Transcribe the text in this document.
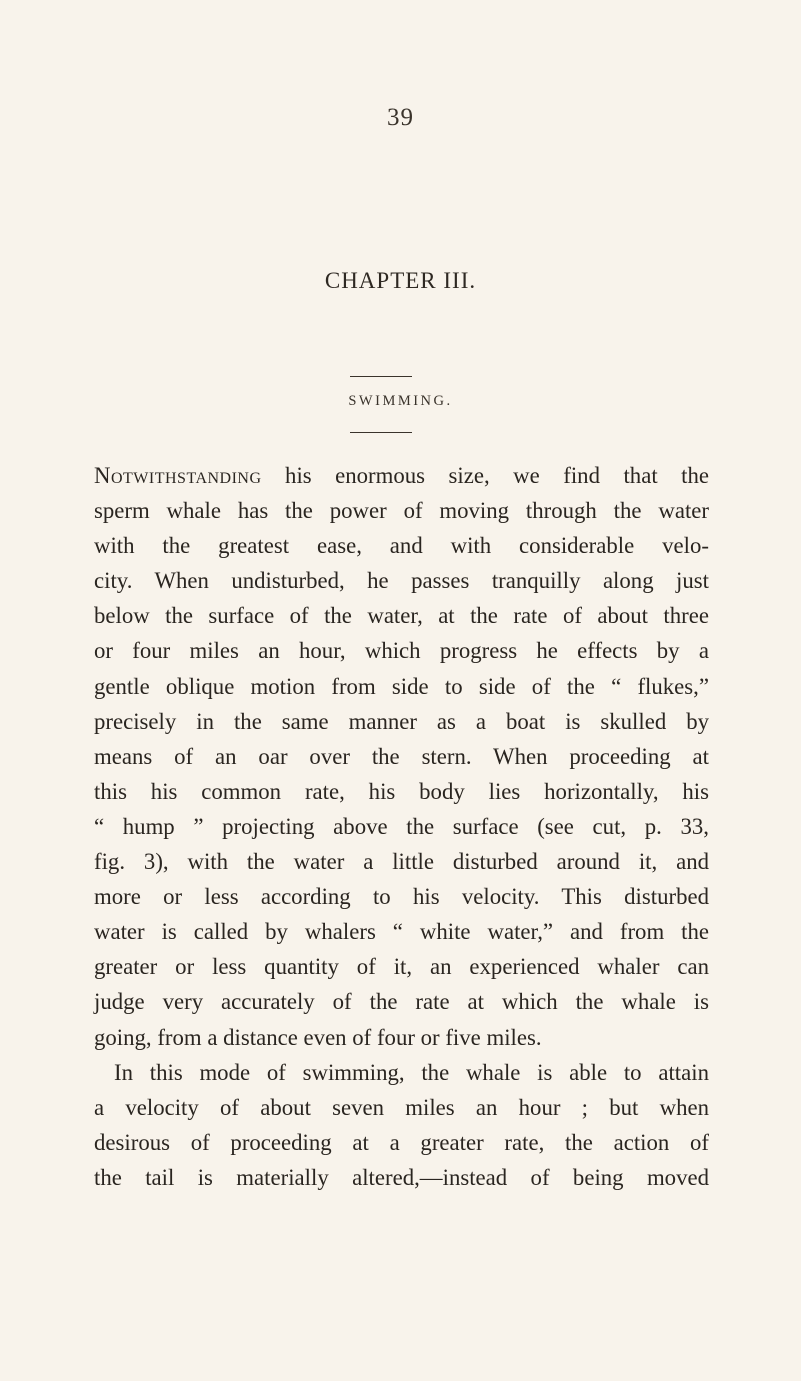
39
CHAPTER III.
SWIMMING.
Notwithstanding his enormous size, we find that the
sperm whale has the power of moving through the water
with the greatest ease, and with considerable velo-
city. When undisturbed, he passes tranquilly along just
below the surface of the water, at the rate of about three
or four miles an hour, which progress he effects by a
gentle oblique motion from side to side of the “ flukes,”
precisely in the same manner as a boat is skulled by
means of an oar over the stern. When proceeding at
this his common rate, his body lies horizontally, his
“ hump ” projecting above the surface (see cut, p. 33,
fig. 3), with the water a little disturbed around it, and
more or less according to his velocity. This disturbed
water is called by whalers “ white water,” and from the
greater or less quantity of it, an experienced whaler can
judge very accurately of the rate at which the whale is
going, from a distance even of four or five miles.
In this mode of swimming, the whale is able to attain
a velocity of about seven miles an hour ; but when
desirous of proceeding at a greater rate, the action of
the tail is materially altered,—instead of being moved
